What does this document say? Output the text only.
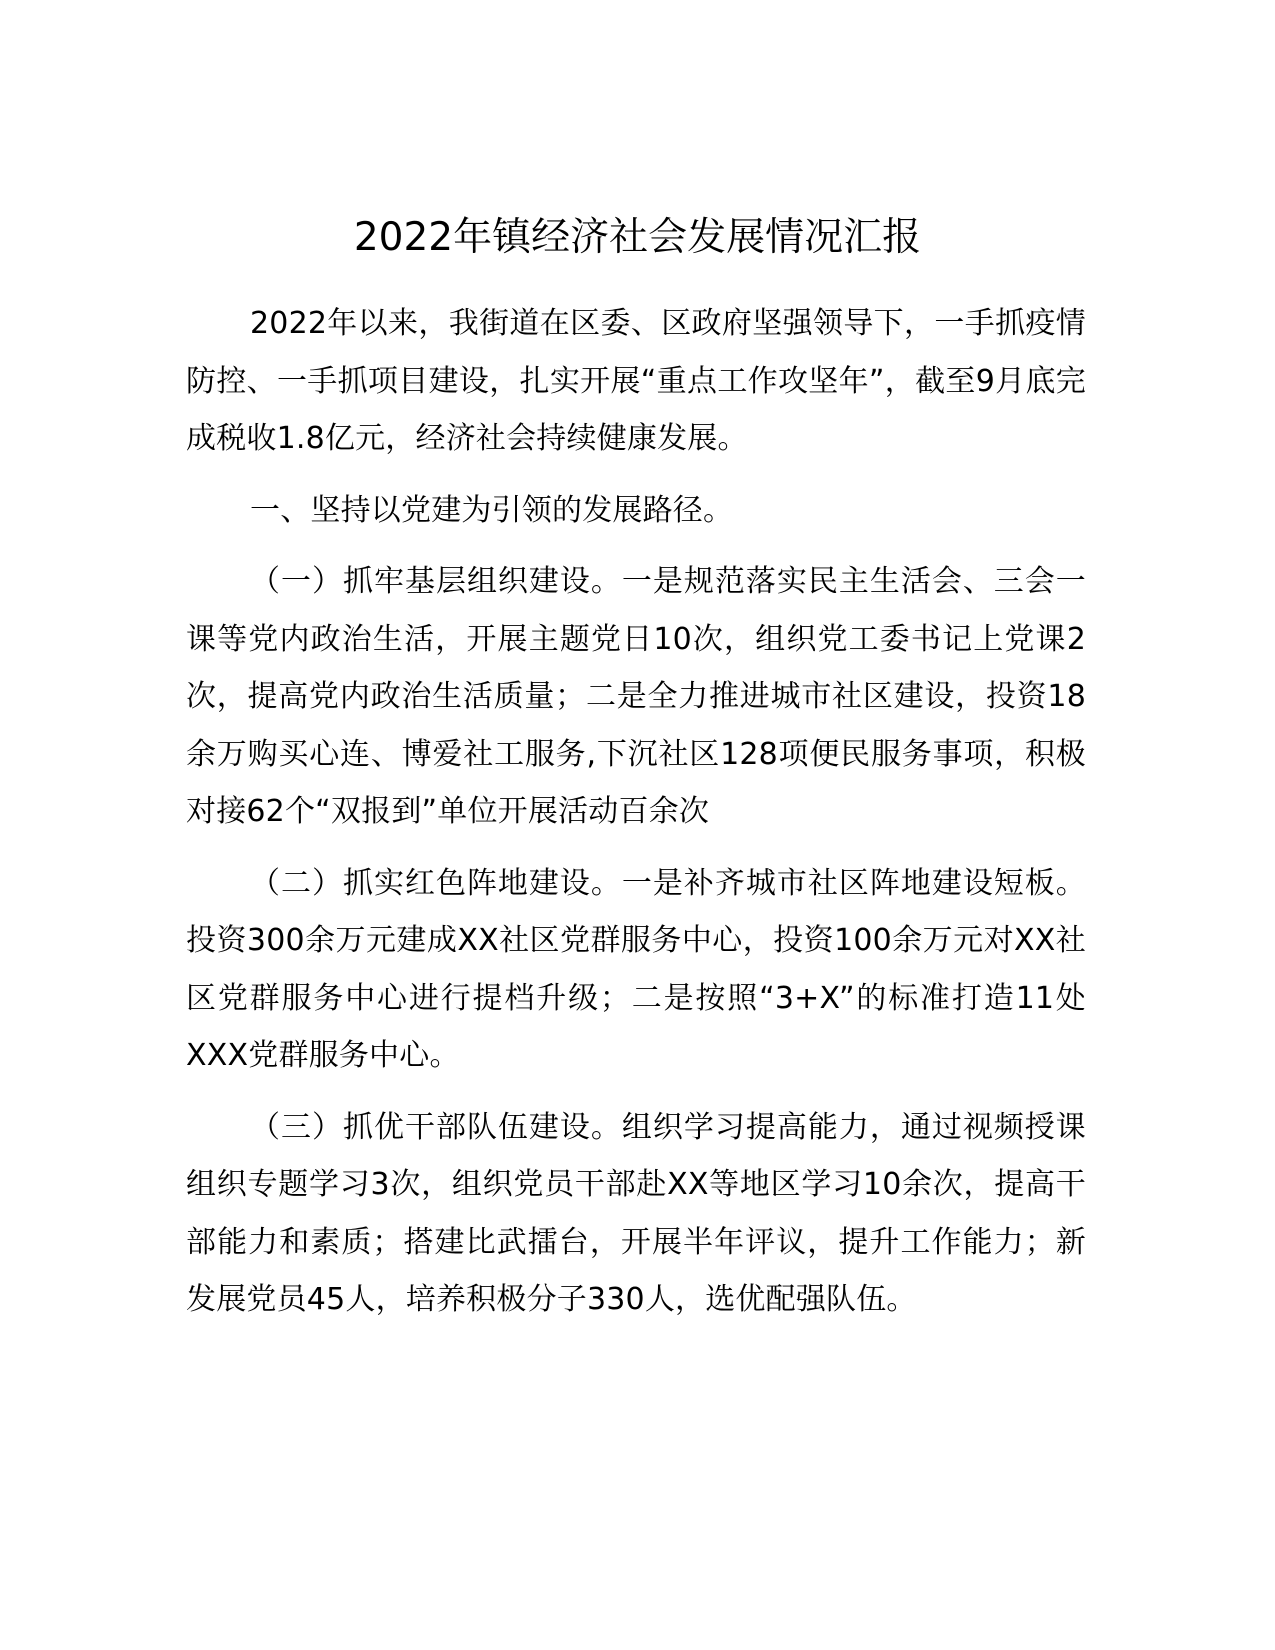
2022年镇经济社会发展情况汇报

2022年以来，我街道在区委、区政府坚强领导下，一手抓疫情防控、一手抓项目建设，扎实开展“重点工作攻坚年”，截至9月底完成税收1.8亿元，经济社会持续健康发展。

一、坚持以党建为引领的发展路径。

（一）抓牢基层组织建设。一是规范落实民主生活会、三会一课等党内政治生活，开展主题党日10次，组织党工委书记上党课2次，提高党内政治生活质量；二是全力推进城市社区建设，投资18余万购买心连、博爱社工服务,下沉社区128项便民服务事项，积极对接62个“双报到”单位开展活动百余次

（二）抓实红色阵地建设。一是补齐城市社区阵地建设短板。投资300余万元建成XX社区党群服务中心，投资100余万元对XX社区党群服务中心进行提档升级；二是按照“3+X”的标准打造11处XXX党群服务中心。

（三）抓优干部队伍建设。组织学习提高能力，通过视频授课组织专题学习3次，组织党员干部赴XX等地区学习10余次，提高干部能力和素质；搭建比武擂台，开展半年评议，提升工作能力；新发展党员45人，培养积极分子330人，选优配强队伍。
